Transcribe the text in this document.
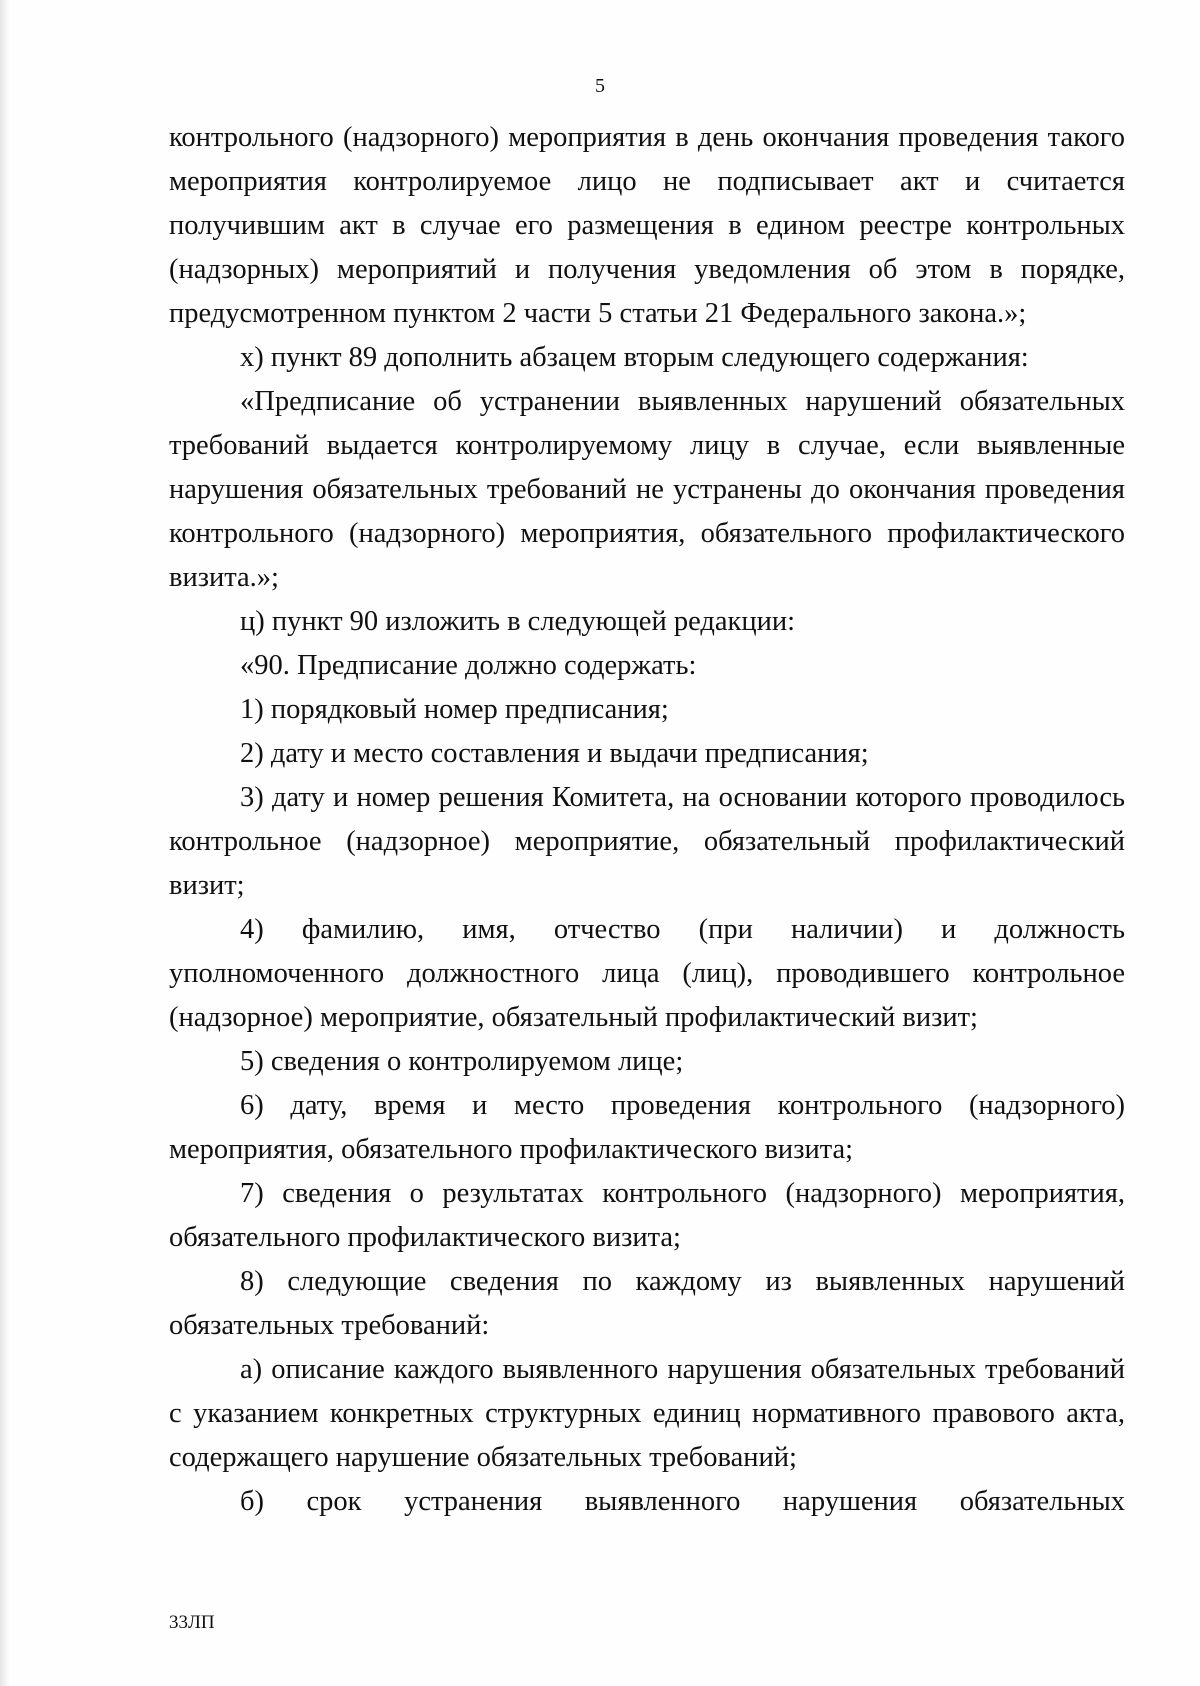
5

контрольного (надзорного) мероприятия в день окончания проведения такого мероприятия контролируемое лицо не подписывает акт и считается получившим акт в случае его размещения в едином реестре контрольных (надзорных) мероприятий и получения уведомления об этом в порядке, предусмотренном пунктом 2 части 5 статьи 21 Федерального закона.»;

х) пункт 89 дополнить абзацем вторым следующего содержания:

«Предписание об устранении выявленных нарушений обязательных требований выдается контролируемому лицу в случае, если выявленные нарушения обязательных требований не устранены до окончания проведения контрольного (надзорного) мероприятия, обязательного профилактического визита.»;

ц) пункт 90 изложить в следующей редакции:

«90. Предписание должно содержать:

1) порядковый номер предписания;

2) дату и место составления и выдачи предписания;

3) дату и номер решения Комитета, на основании которого проводилось контрольное (надзорное) мероприятие, обязательный профилактический визит;

4) фамилию, имя, отчество (при наличии) и должность уполномоченного должностного лица (лиц), проводившего контрольное (надзорное) мероприятие, обязательный профилактический визит;

5) сведения о контролируемом лице;

6) дату, время и место проведения контрольного (надзорного) мероприятия, обязательного профилактического визита;

7) сведения о результатах контрольного (надзорного) мероприятия, обязательного профилактического визита;

8) следующие сведения по каждому из выявленных нарушений обязательных требований:

а) описание каждого выявленного нарушения обязательных требований с указанием конкретных структурных единиц нормативного правового акта, содержащего нарушение обязательных требований;

б) срок устранения выявленного нарушения обязательных

33ЛП
